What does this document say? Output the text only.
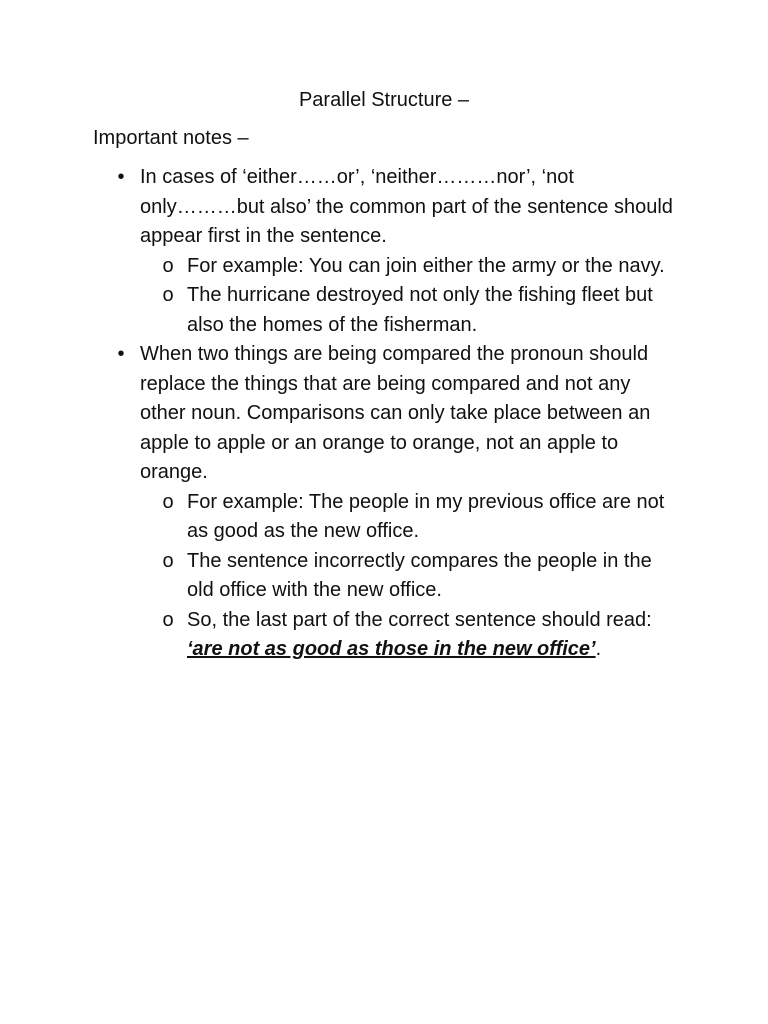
Parallel Structure –
Important notes –
• In cases of ‘either……or’, ‘neither………nor’, ‘not only………but also’ the common part of the sentence should appear first in the sentence.
o For example: You can join either the army or the navy.
o The hurricane destroyed not only the fishing fleet but also the homes of the fisherman.
• When two things are being compared the pronoun should replace the things that are being compared and not any other noun. Comparisons can only take place between an apple to apple or an orange to orange, not an apple to orange.
o For example: The people in my previous office are not as good as the new office.
o The sentence incorrectly compares the people in the old office with the new office.
o So, the last part of the correct sentence should read: ‘are not as good as those in the new office’.
